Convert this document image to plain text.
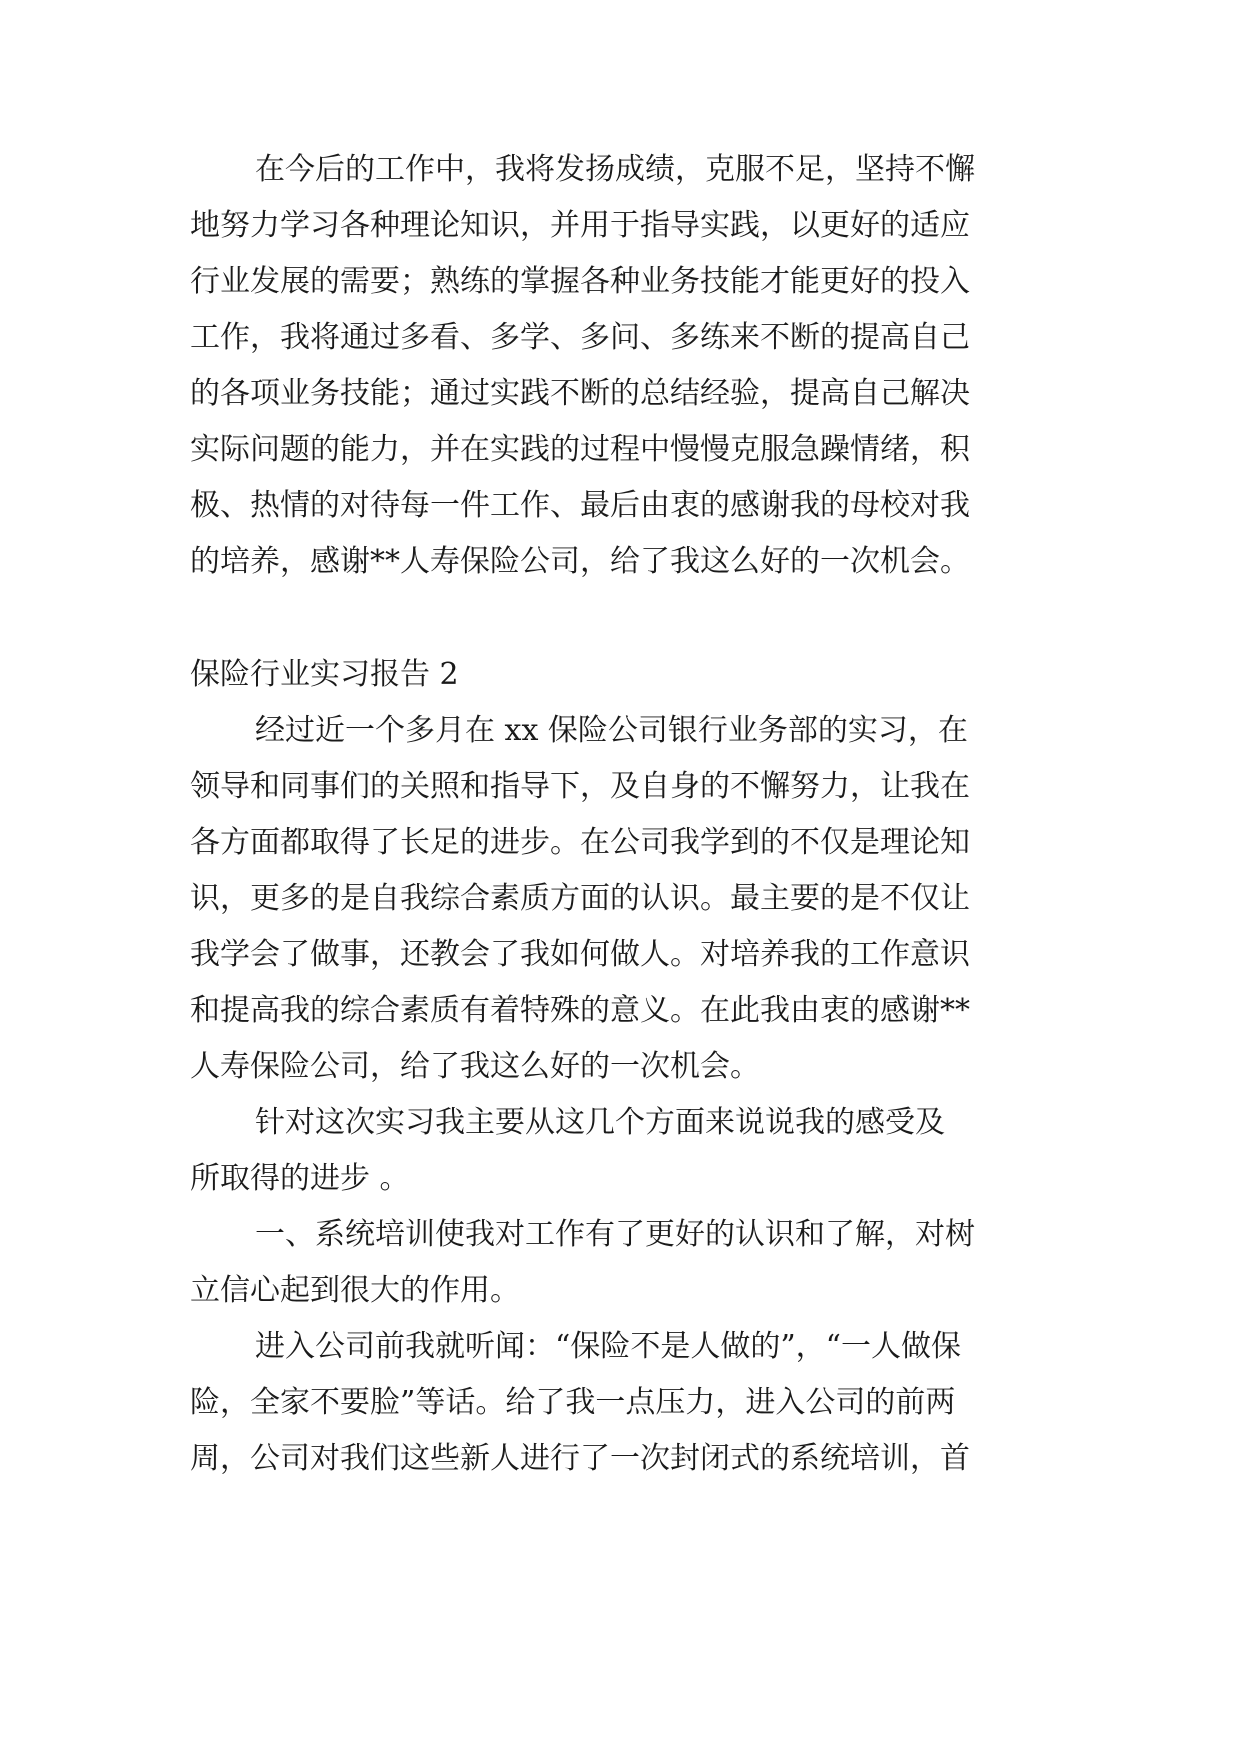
在今后的工作中，我将发扬成绩，克服不足，坚持不懈
地努力学习各种理论知识，并用于指导实践，以更好的适应
行业发展的需要；熟练的掌握各种业务技能才能更好的投入
工作，我将通过多看、多学、多问、多练来不断的提高自己
的各项业务技能；通过实践不断的总结经验，提高自己解决
实际问题的能力，并在实践的过程中慢慢克服急躁情绪，积
极、热情的对待每一件工作、最后由衷的感谢我的母校对我
的培养，感谢**人寿保险公司，给了我这么好的一次机会。
保险行业实习报告 2
经过近一个多月在 xx 保险公司银行业务部的实习，在
领导和同事们的关照和指导下，及自身的不懈努力，让我在
各方面都取得了长足的进步。在公司我学到的不仅是理论知
识，更多的是自我综合素质方面的认识。最主要的是不仅让
我学会了做事，还教会了我如何做人。对培养我的工作意识
和提高我的综合素质有着特殊的意义。在此我由衷的感谢**
人寿保险公司，给了我这么好的一次机会。
针对这次实习我主要从这几个方面来说说我的感受及
所取得的进步 。
一、系统培训使我对工作有了更好的认识和了解，对树
立信心起到很大的作用。
进入公司前我就听闻：“保险不是人做的”，“一人做保
险，全家不要脸”等话。给了我一点压力，进入公司的前两
周，公司对我们这些新人进行了一次封闭式的系统培训，首
